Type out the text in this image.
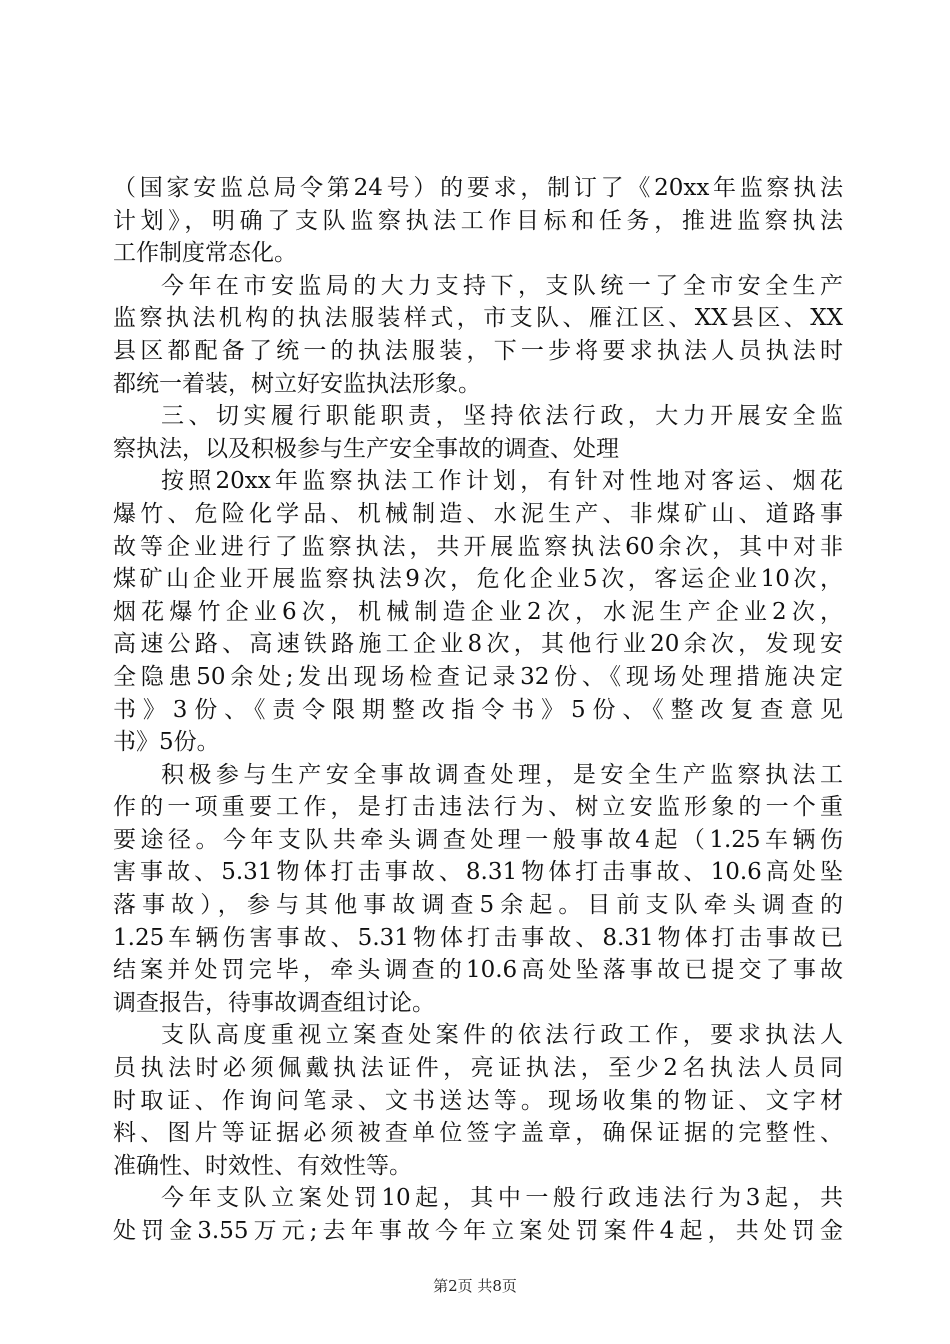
（国家安监总局令第24号）的要求，制订了《20xx年监察执法
计划》，明确了支队监察执法工作目标和任务，推进监察执法
工作制度常态化。
今年在市安监局的大力支持下，支队统一了全市安全生产
监察执法机构的执法服装样式，市支队、雁江区、XX县区、XX
县区都配备了统一的执法服装，下一步将要求执法人员执法时
都统一着装，树立好安监执法形象。
三、切实履行职能职责，坚持依法行政，大力开展安全监
察执法，以及积极参与生产安全事故的调查、处理
按照20xx年监察执法工作计划，有针对性地对客运、烟花
爆竹、危险化学品、机械制造、水泥生产、非煤矿山、道路事
故等企业进行了监察执法，共开展监察执法60余次，其中对非
煤矿山企业开展监察执法9次，危化企业5次，客运企业10次，
烟花爆竹企业6次，机械制造企业2次，水泥生产企业2次，
高速公路、高速铁路施工企业8次，其他行业20余次，发现安
全隐患50余处;发出现场检查记录32份、《现场处理措施决定
书》3份、《责令限期整改指令书》5份、《整改复查意见
书》5份。
积极参与生产安全事故调查处理，是安全生产监察执法工
作的一项重要工作，是打击违法行为、树立安监形象的一个重
要途径。今年支队共牵头调查处理一般事故4起（1.25车辆伤
害事故、5.31物体打击事故、8.31物体打击事故、10.6高处坠
落事故），参与其他事故调查5余起。目前支队牵头调查的
1.25车辆伤害事故、5.31物体打击事故、8.31物体打击事故已
结案并处罚完毕，牵头调查的10.6高处坠落事故已提交了事故
调查报告，待事故调查组讨论。
支队高度重视立案查处案件的依法行政工作，要求执法人
员执法时必须佩戴执法证件，亮证执法，至少2名执法人员同
时取证、作询问笔录、文书送达等。现场收集的物证、文字材
料、图片等证据必须被查单位签字盖章，确保证据的完整性、
准确性、时效性、有效性等。
今年支队立案处罚10起，其中一般行政违法行为3起，共
处罚金3.55万元;去年事故今年立案处罚案件4起，共处罚金
第2页 共8页
